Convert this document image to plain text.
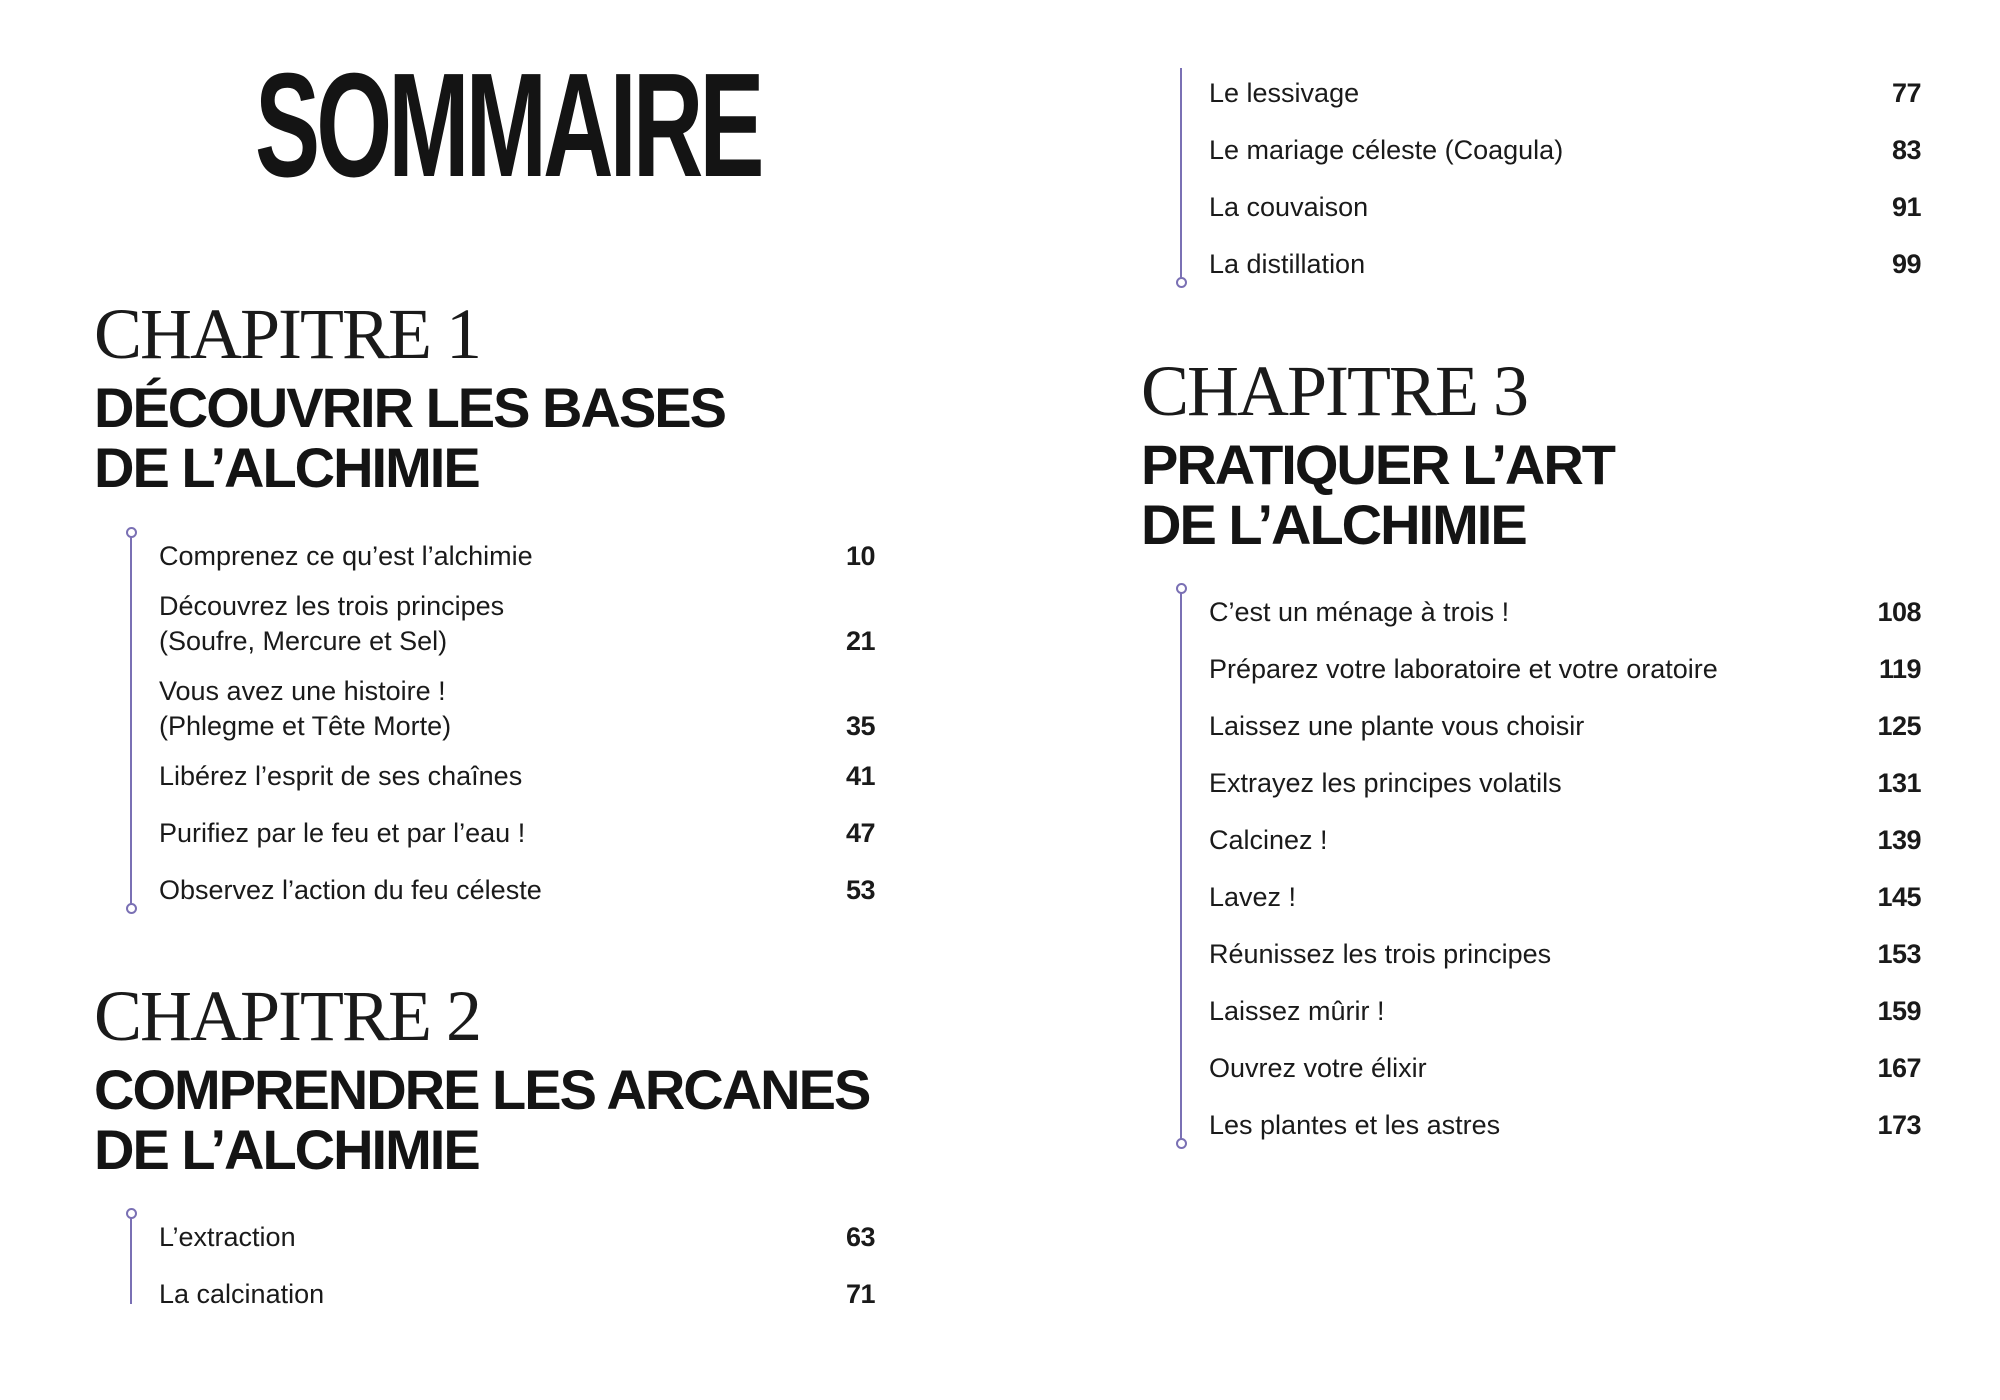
SOMMAIRE
CHAPITRE 1
DÉCOUVRIR LES BASES
DE L’ALCHIMIE
Comprenez ce qu’est l’alchimie	10
Découvrez les trois principes
(Soufre, Mercure et Sel)	21
Vous avez une histoire !
(Phlegme et Tête Morte)	35
Libérez l’esprit de ses chaînes	41
Purifiez par le feu et par l’eau !	47
Observez l’action du feu céleste	53
CHAPITRE 2
COMPRENDRE LES ARCANES
DE L’ALCHIMIE
L’extraction	63
La calcination	71
Le lessivage	77
Le mariage céleste (Coagula)	83
La couvaison	91
La distillation	99
CHAPITRE 3
PRATIQUER L’ART
DE L’ALCHIMIE
C’est un ménage à trois !	108
Préparez votre laboratoire et votre oratoire	119
Laissez une plante vous choisir	125
Extrayez les principes volatils	131
Calcinez !	139
Lavez !	145
Réunissez les trois principes	153
Laissez mûrir !	159
Ouvrez votre élixir	167
Les plantes et les astres	173
